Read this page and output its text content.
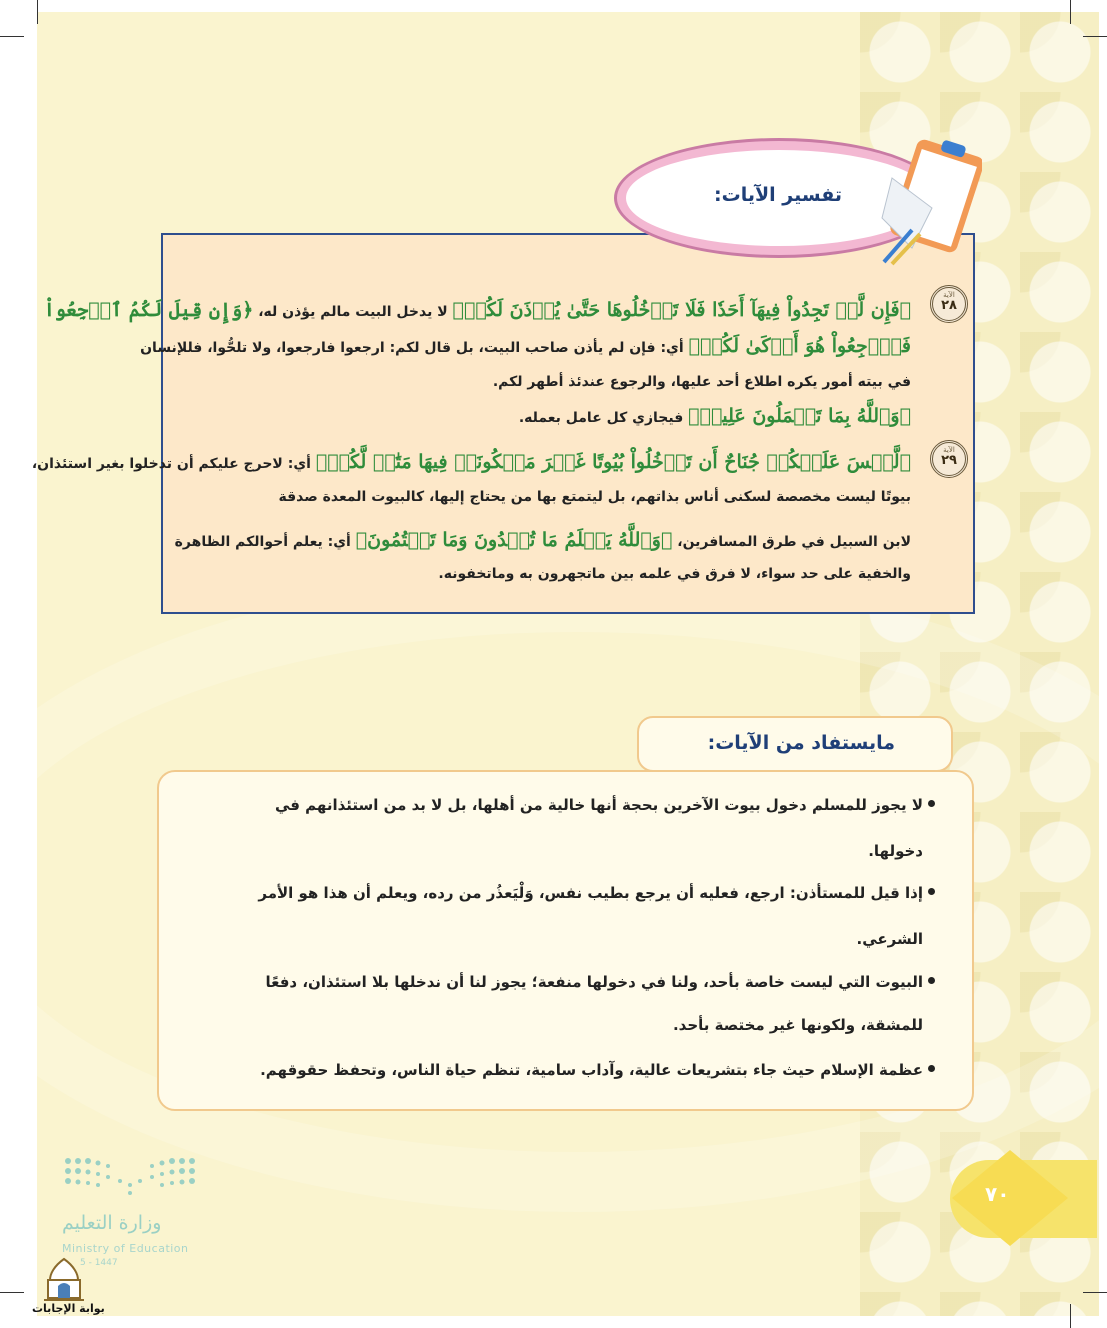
الآية
٢٨
﴿فَإِن لَّمۡ تَجِدُواْ فِيهَآ أَحَدٗا فَلَا تَدۡخُلُوهَا حَتَّىٰ يُؤۡذَنَ لَكُمۡ﴾ لا يدخل البيت مالم يؤذن له، ﴿وَإِن قِيلَ لَكُمُ ٱرۡجِعُواْ
فَٱرۡجِعُواْ هُوَ أَزۡكَىٰ لَكُمۡ﴾ أي: فإن لم يأذن صاحب البيت، بل قال لكم: ارجعوا فارجعوا، ولا تلحُّوا، فللإنسان
في بيته أمور يكره اطلاع أحد عليها، والرجوع عندئذ أطهر لكم.
﴿وَٱللَّهُ بِمَا تَعۡمَلُونَ عَلِيمٞ﴾ فيجازي كل عامل بعمله.
الآية
٢٩
﴿لَّيۡسَ عَلَيۡكُمۡ جُنَاحٌ أَن تَدۡخُلُواْ بُيُوتًا غَيۡرَ مَسۡكُونَةٖ فِيهَا مَتَٰعٞ لَّكُمۡ﴾ أي: لاحرج عليكم أن تدخلوا بغير استئذان،
بيوتًا ليست مخصصة لسكنى أناس بذاتهم، بل ليتمتع بها من يحتاج إليها، كالبيوت المعدة صدقة
لابن السبيل في طرق المسافرين، ﴿وَٱللَّهُ يَعۡلَمُ مَا تُبۡدُونَ وَمَا تَكۡتُمُونَ﴾ أي: يعلم أحوالكم الظاهرة
والخفية على حد سواء، لا فرق في علمه بين ماتجهرون به وماتخفونه.
تفسير الآيات:
لا يجوز للمسلم دخول بيوت الآخرين بحجة أنها خالية من أهلها، بل لا بد من استئذانهم في
دخولها.
إذا قيل للمستأذن: ارجع، فعليه أن يرجع بطيب نفس، وَلْيَعذُر من رده، ويعلم أن هذا هو الأمر
الشرعي.
البيوت التي ليست خاصة بأحد، ولنا في دخولها منفعة؛ يجوز لنا أن ندخلها بلا استئذان، دفعًا
للمشقة، ولكونها غير مختصة بأحد.
عظمة الإسلام حيث جاء بتشريعات عالية، وآداب سامية، تنظم حياة الناس، وتحفظ حقوقهم.
مايستفاد من الآيات:
٧٠
وزارة التعليم
Ministry of Education
5 - 1447
بوابة الإجابات
